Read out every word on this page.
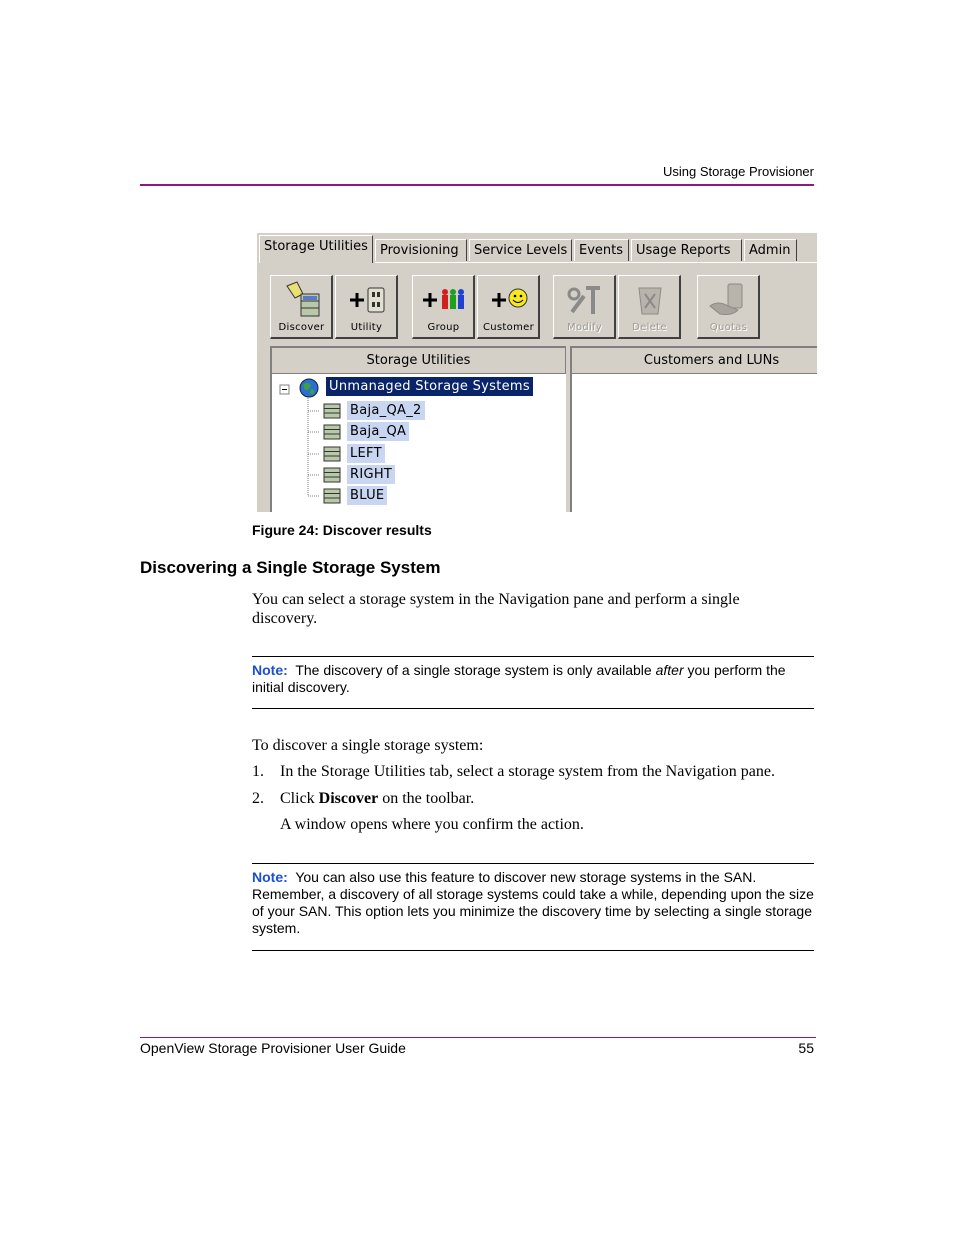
Using Storage Provisioner
Storage Utilities Provisioning	Service Levels Events Usage Reports	Admin
Discover	Utility	Group	Customer	Modify	Delete	Quotas
Storage Utilities
Unmanaged Storage Systems
Baja_QA_2
Baja_QA
LEFT
RIGHT
BLUE
Customers and LUNs
Figure 24: Discover results
Discovering a Single Storage System
You can select a storage system in the Navigation pane and perform a single discovery.
Note: The discovery of a single storage system is only available after you perform the initial discovery.
To discover a single storage system:
1. In the Storage Utilities tab, select a storage system from the Navigation pane.
2. Click Discover on the toolbar.
A window opens where you confirm the action.
Note: You can also use this feature to discover new storage systems in the SAN. Remember, a discovery of all storage systems could take a while, depending upon the size of your SAN. This option lets you minimize the discovery time by selecting a single storage system.
OpenView Storage Provisioner User Guide	55
